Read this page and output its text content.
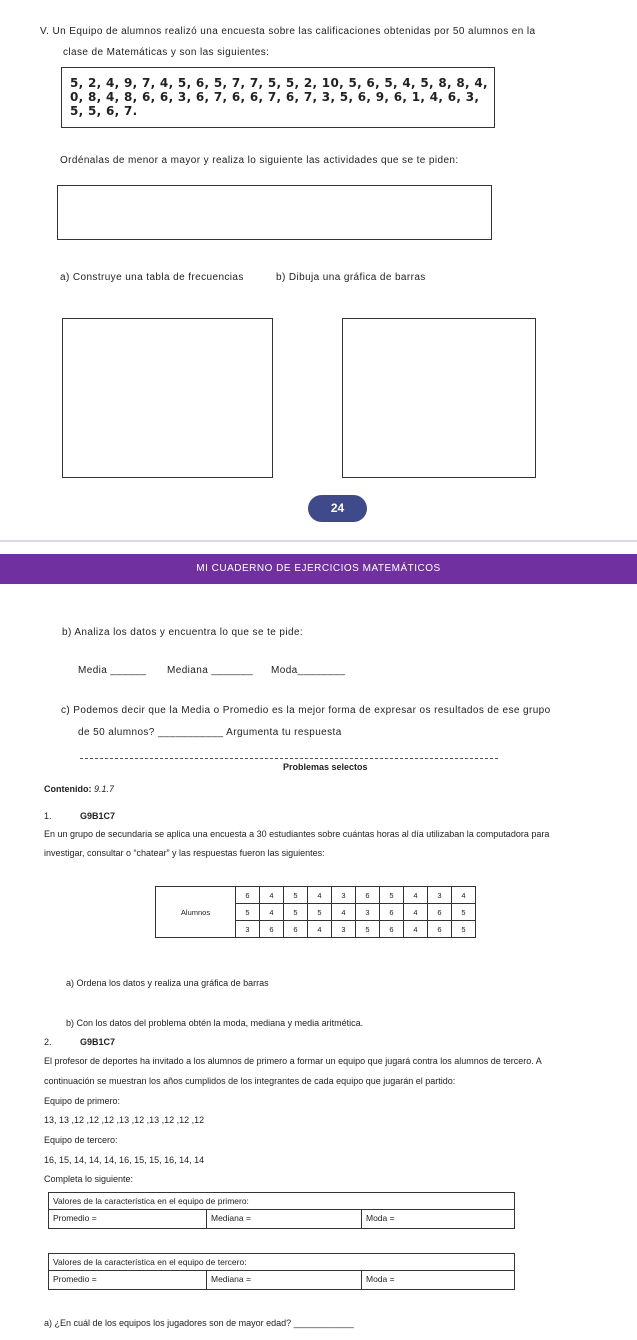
V. Un Equipo de alumnos realizó una encuesta sobre las calificaciones obtenidas por 50 alumnos en la
clase de Matemáticas y son las siguientes:
5, 2, 4, 9, 7, 4, 5, 6, 5, 7, 7, 5, 5, 2, 10, 5, 6, 5, 4, 5, 8, 8, 4,
0, 8, 4, 8, 6, 6, 3, 6, 7, 6, 6, 7, 6, 7, 3, 5, 6, 9, 6, 1, 4, 6, 3,
5, 5, 6, 7.
Ordénalas de menor a mayor y realiza lo siguiente las actividades que se te piden:
a) Construye una tabla de frecuencias	b) Dibuja una gráfica de barras
24
MI CUADERNO DE EJERCICIOS MATEMÁTICOS
b) Analiza los datos y encuentra lo que se te pide:
Media ______ Mediana _______ Moda________
c) Podemos decir que la Media o Promedio es la mejor forma de expresar os resultados de ese grupo
de 50 alumnos? ___________ Argumenta tu respuesta
Problemas selectos
Contenido: 9.1.7
1.	G9B1C7
En un grupo de secundaria se aplica una encuesta a 30 estudiantes sobre cuántas horas al día utilizaban la computadora para
investigar, consultar o “chatear” y las respuestas fueron las siguientes:
Alumnos	6	4	5	4	3	6	5	4	3	4
	5	4	5	5	4	3	6	4	6	5
	3	6	6	4	3	5	6	4	6	5
a) Ordena los datos y realiza una gráfica de barras
b) Con los datos del problema obtén la moda, mediana y media aritmética.
2.	G9B1C7
El profesor de deportes ha invitado a los alumnos de primero a formar un equipo que jugará contra los alumnos de tercero. A
continuación se muestran los años cumplidos de los integrantes de cada equipo que jugarán el partido:
Equipo de primero:
13, 13 ,12 ,12 ,12 ,13 ,12 ,13 ,12 ,12 ,12
Equipo de tercero:
16, 15, 14, 14, 14, 16, 15, 15, 16, 14, 14
Completa lo siguiente:
Valores de la característica en el equipo de primero:
Promedio =	Mediana =	Moda =
Valores de la característica en el equipo de tercero:
Promedio =	Mediana =	Moda =
a) ¿En cuál de los equipos los jugadores son de mayor edad? ____________
